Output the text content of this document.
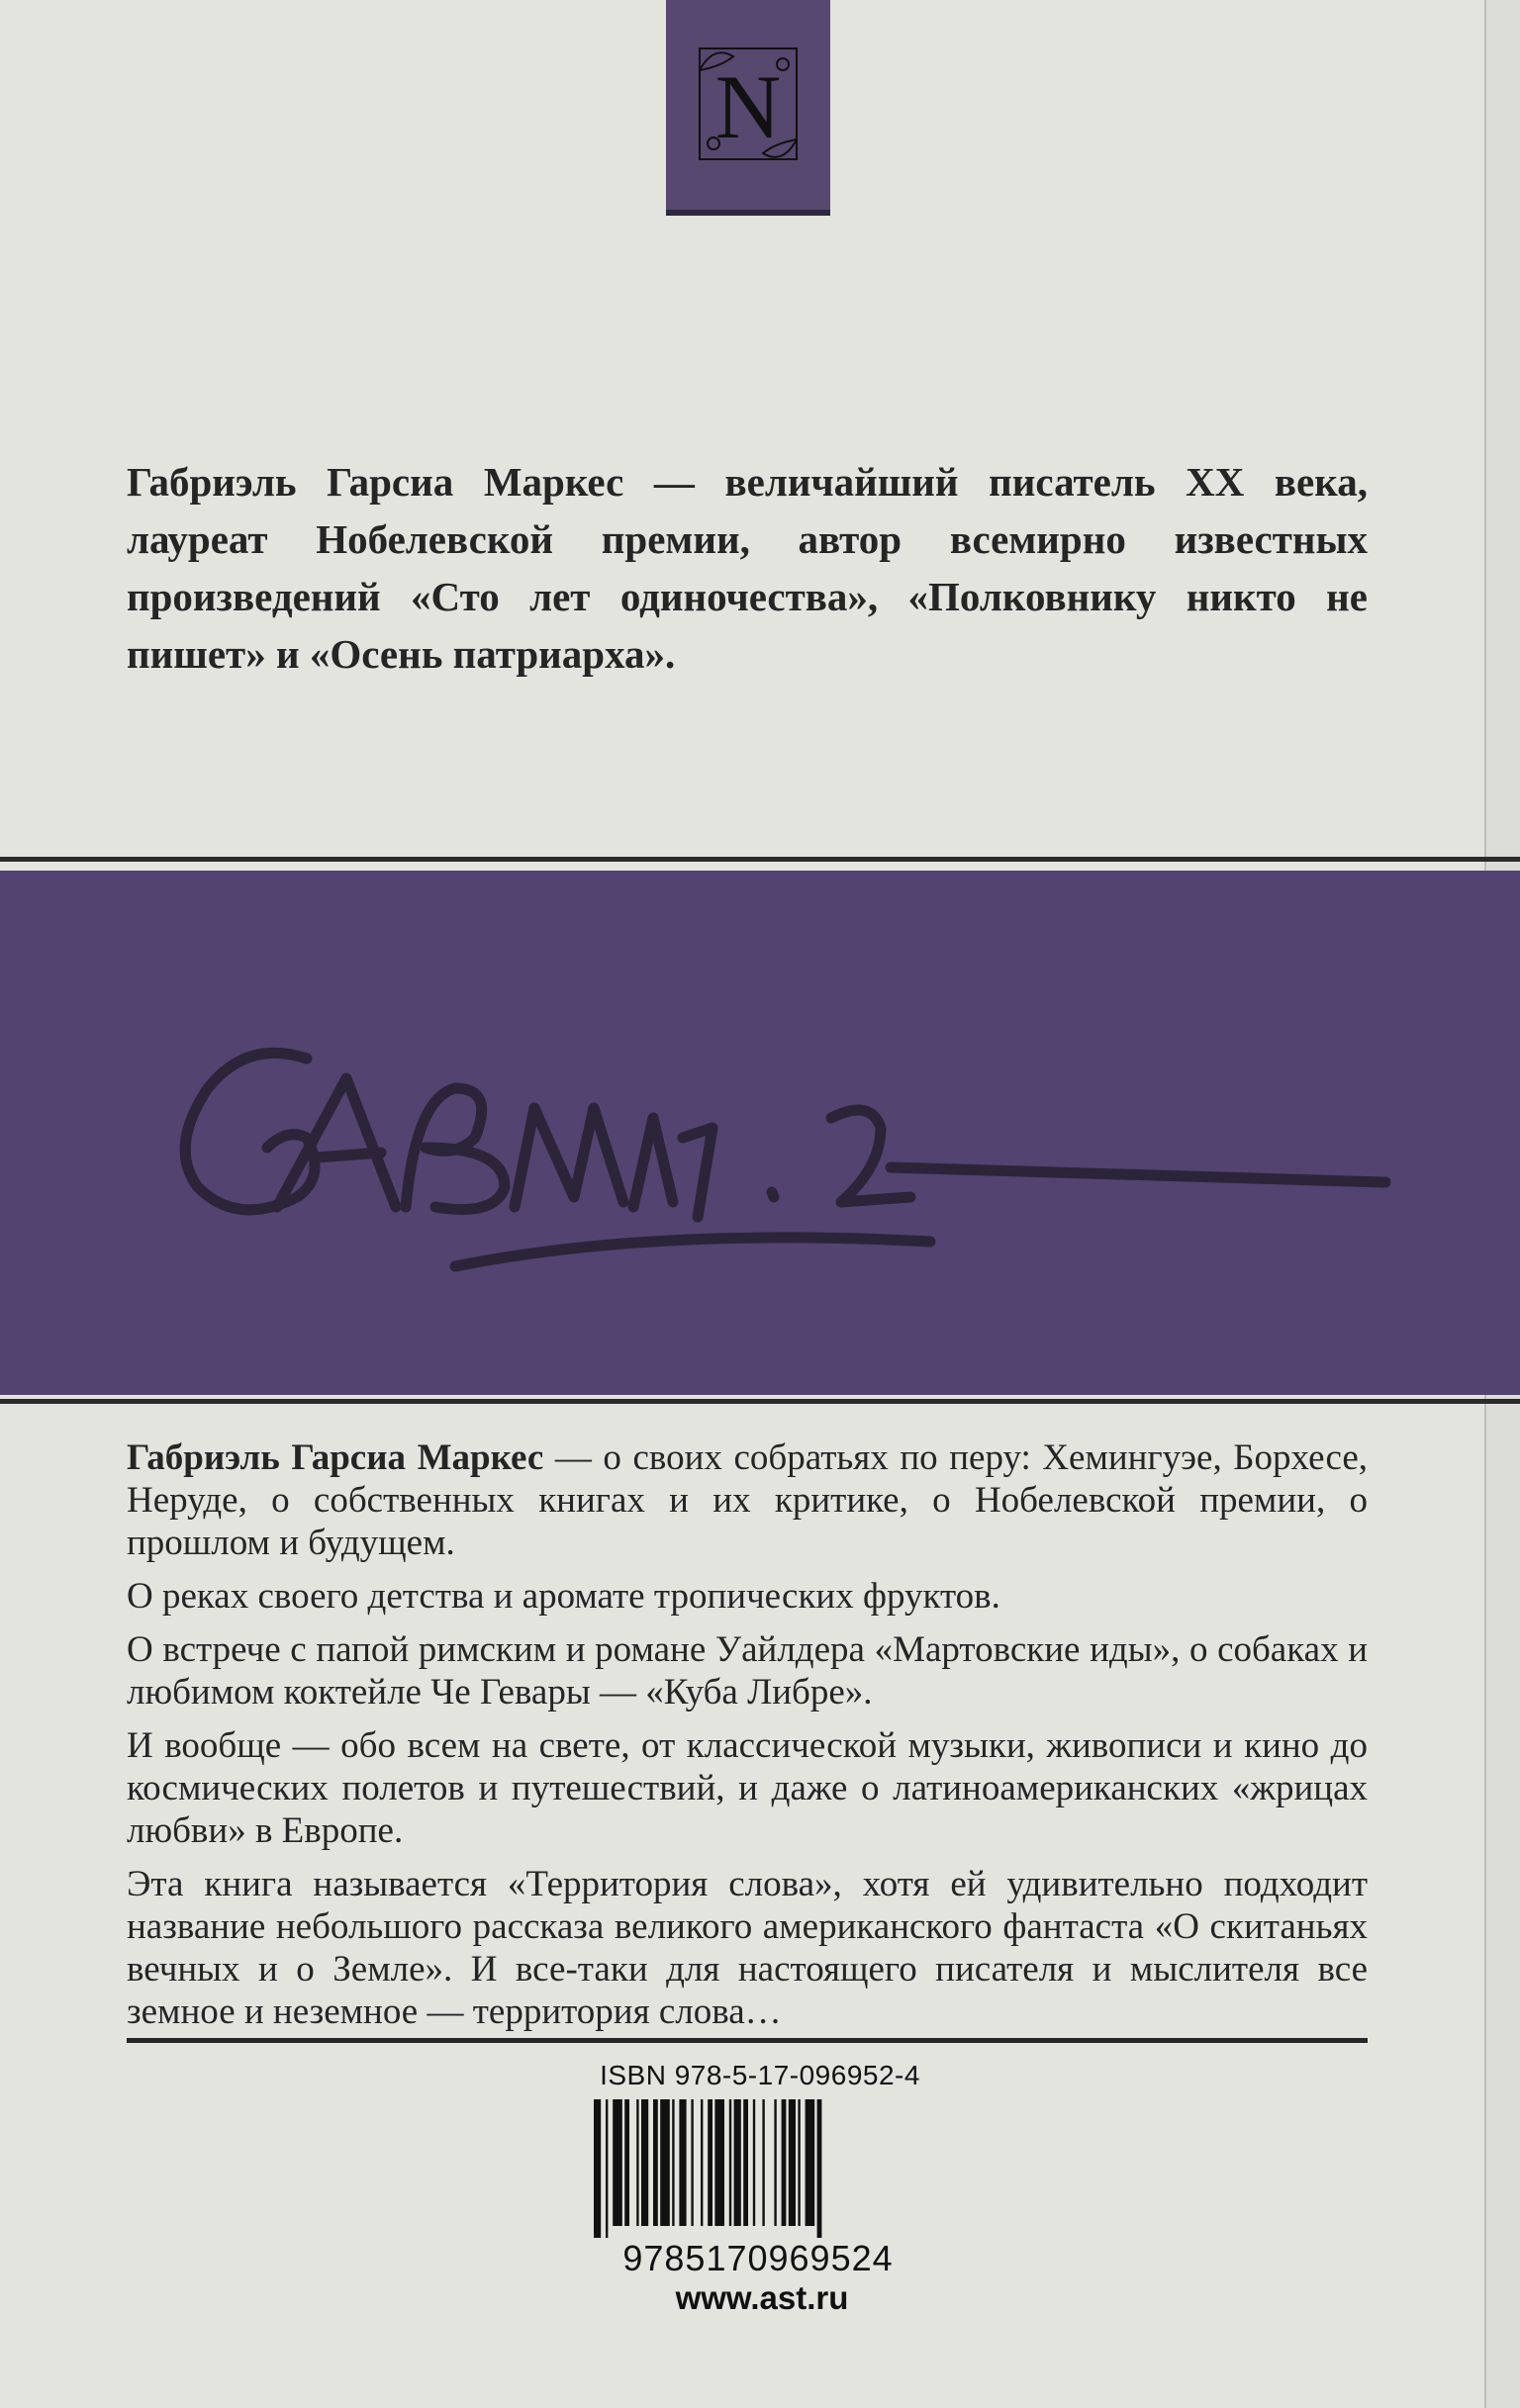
N
Габриэль Гарсиа Маркес — величайший писатель XX века, лауреат Нобелевской премии, автор всемирно известных произведений «Сто лет одиночества», «Полковнику никто не пишет» и «Осень патриарха».

Габриэль Гарсиа Маркес — о своих собратьях по перу: Хемингуэе, Борхесе, Неруде, о собственных книгах и их критике, о Нобелевской премии, о прошлом и будущем.

О реках своего детства и аромате тропических фруктов.

О встрече с папой римским и романе Уайлдера «Мартовские иды», о собаках и любимом коктейле Че Гевары — «Куба Либре».

И вообще — обо всем на свете, от классической музыки, живописи и кино до космических полетов и путешествий, и даже о латиноамериканских «жрицах любви» в Европе.

Эта книга называется «Территория слова», хотя ей удивительно подходит название небольшого рассказа великого американского фантаста «О скитаньях вечных и о Земле». И все-таки для настоящего писателя и мыслителя все земное и неземное — территория слова…

ISBN 978-5-17-096952-4
9785170969524
www.ast.ru
